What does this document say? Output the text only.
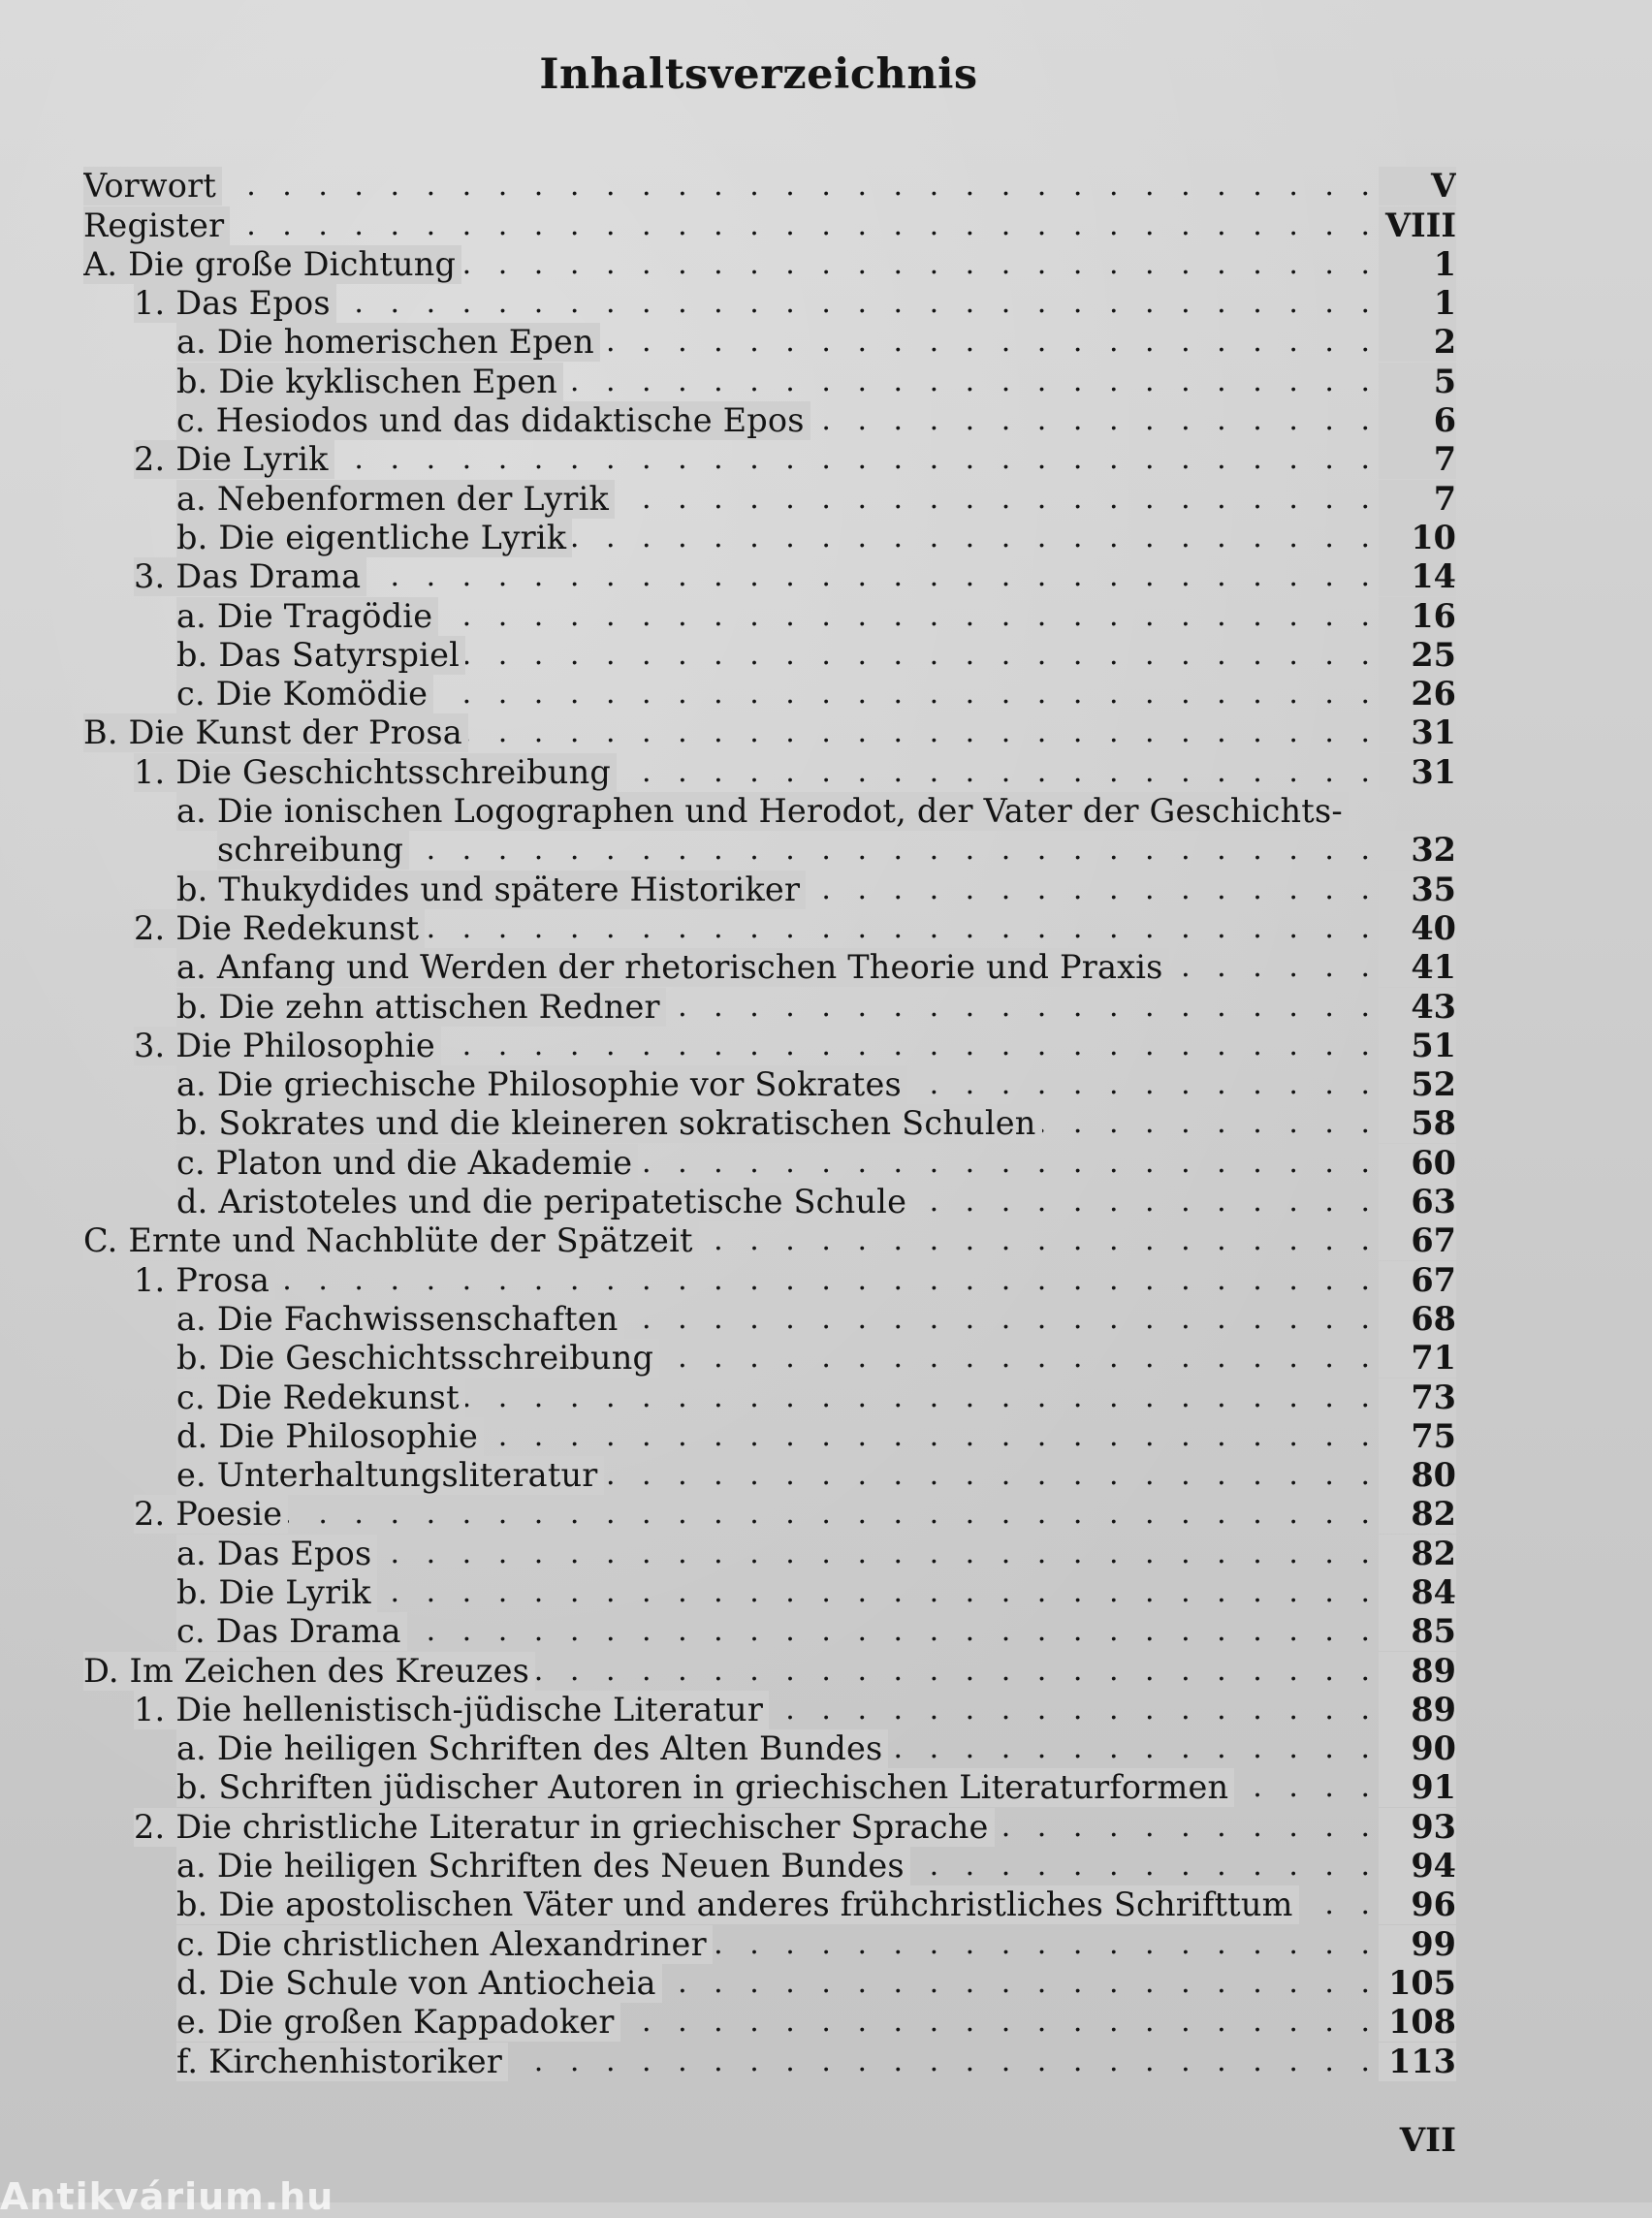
Inhaltsverzeichnis
Vorwort . .	V
Register . .	VIII
A. Die große Dichtung . .	1
1. Das Epos . .	1
a. Die homerischen Epen . .	2
b. Die kyklischen Epen . .	5
c. Hesiodos und das didaktische Epos . .	6
2. Die Lyrik . .	7
a. Nebenformen der Lyrik . .	7
b. Die eigentliche Lyrik . .	10
3. Das Drama . .	14
a. Die Tragödie . .	16
b. Das Satyrspiel . .	25
c. Die Komödie . .	26
B. Die Kunst der Prosa . .	31
1. Die Geschichtsschreibung . .	31
a. Die ionischen Logographen und Herodot, der Vater der Geschichts-
schreibung . .	32
b. Thukydides und spätere Historiker . .	35
2. Die Redekunst . .	40
a. Anfang und Werden der rhetorischen Theorie und Praxis . .	41
b. Die zehn attischen Redner . .	43
3. Die Philosophie . .	51
a. Die griechische Philosophie vor Sokrates . .	52
b. Sokrates und die kleineren sokratischen Schulen . .	58
c. Platon und die Akademie . .	60
d. Aristoteles und die peripatetische Schule . .	63
C. Ernte und Nachblüte der Spätzeit . .	67
1. Prosa . .	67
a. Die Fachwissenschaften . .	68
b. Die Geschichtsschreibung . .	71
c. Die Redekunst . .	73
d. Die Philosophie . .	75
e. Unterhaltungsliteratur . .	80
2. Poesie . .	82
a. Das Epos . .	82
b. Die Lyrik . .	84
c. Das Drama . .	85
D. Im Zeichen des Kreuzes . .	89
1. Die hellenistisch-jüdische Literatur . .	89
a. Die heiligen Schriften des Alten Bundes . .	90
b. Schriften jüdischer Autoren in griechischen Literaturformen . .	91
2. Die christliche Literatur in griechischer Sprache . .	93
a. Die heiligen Schriften des Neuen Bundes . .	94
b. Die apostolischen Väter und anderes frühchristliches Schrifttum . .	96
c. Die christlichen Alexandriner . .	99
d. Die Schule von Antiocheia . .	105
e. Die großen Kappadoker . .	108
f. Kirchenhistoriker . .	113
VII
Antikvárium.hu
